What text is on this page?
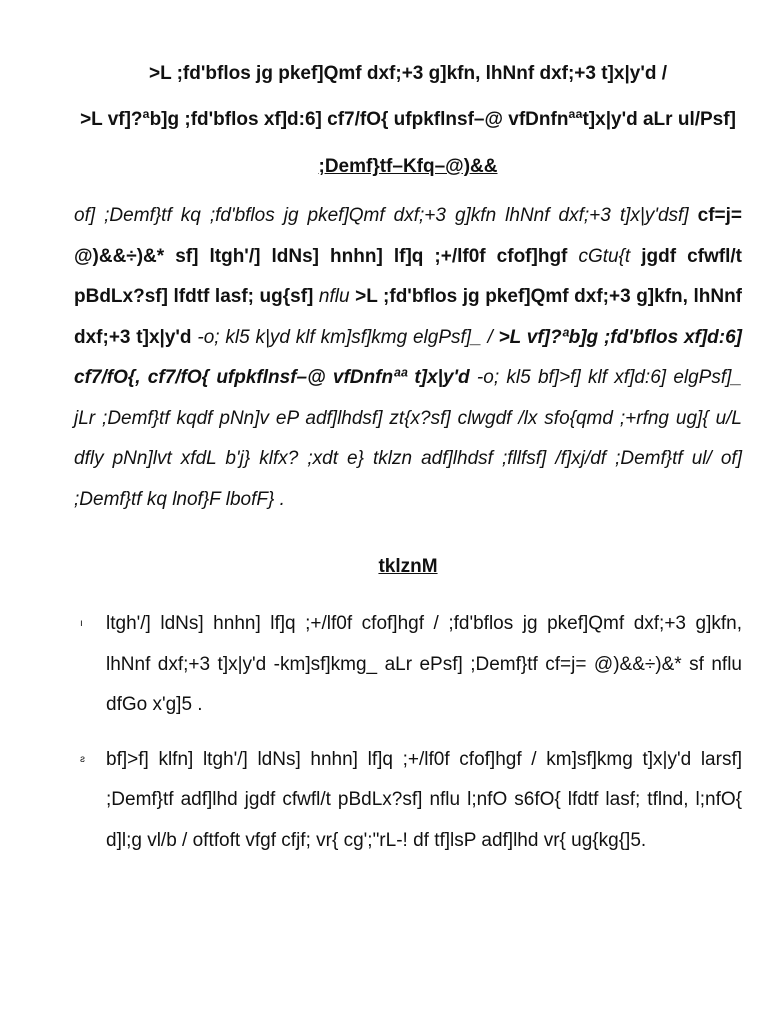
>L ;fd'bflos jg pkef]Qmf dxf;+3 g]kfn, lhNnf dxf;+3 t]x|y'd /

>L vf]?ªb]g ;fd'bflos xf]d:6] cf7/fO{ ufpkflnsf–@ vfDnfnªªt]x|y'd aLr ul/Psf]

;Demf}tf–Kfq–@)&&

of] ;Demf}tf kq ;fd'bflos jg pkef]Qmf dxf;+3 g]kfn lhNnf dxf;+3 t]x|y'dsf] cf=j= @)&&÷)&* sf] ltgh'/] ldNs] hnhn] lf]q ;+/lf0f cfof]hgf cGtu{t jgdf cfwfl/t pBdLx?sf] lfdtf lasf; ug{sf] nflu >L ;fd'bflos jg pkef]Qmf dxf;+3 g]kfn, lhNnf dxf;+3 t]x|y'd -o; kl5 k|yd klf km]sf]kmg elgPsf]_ / >L vf]?ªb]g ;fd'bflos xf]d:6] cf7/fO{, cf7/fO{ ufpkflnsf–@ vfDnfnªª t]x|y'd -o; kl5 bf]>f] klf xf]d:6] elgPsf]_ jLr ;Demf}tf kqdf pNn]v eP adf]lhdsf] zt{x?sf] clwgdf /lx sfo{qmd ;+rfng ug]{ u/L dfly pNn]lvt xfdL b'j} klfx? ;xdt e} tklzn adf]lhdsf ;fllfsf] /f]xj/df ;Demf}tf ul/ of] ;Demf}tf kq lnof}F lbofF} .

tklznM

ı ltgh'/] ldNs] hnhn] lf]q ;+/lf0f cfof]hgf / ;fd'bflos jg pkef]Qmf dxf;+3 g]kfn, lhNnf dxf;+3 t]x|y'd -km]sf]kmg_ aLr ePsf] ;Demf}tf cf=j= @)&&÷)&* sf nflu dfGo x'g]5 .
ƨ bf]>f] klfn] ltgh'/] ldNs] hnhn] lf]q ;+/lf0f cfof]hgf / km]sf]kmg t]x|y'd larsf] ;Demf}tf adf]lhd jgdf cfwfl/t pBdLx?sf] nflu l;nfO s6fO{ lfdtf lasf; tflnd, l;nfO{ d]l;g vl/b / oftfoft vfgf cfjf; vr{ cg';"rL-! df tf]lsP adf]lhd vr{ ug{kg{]5.
